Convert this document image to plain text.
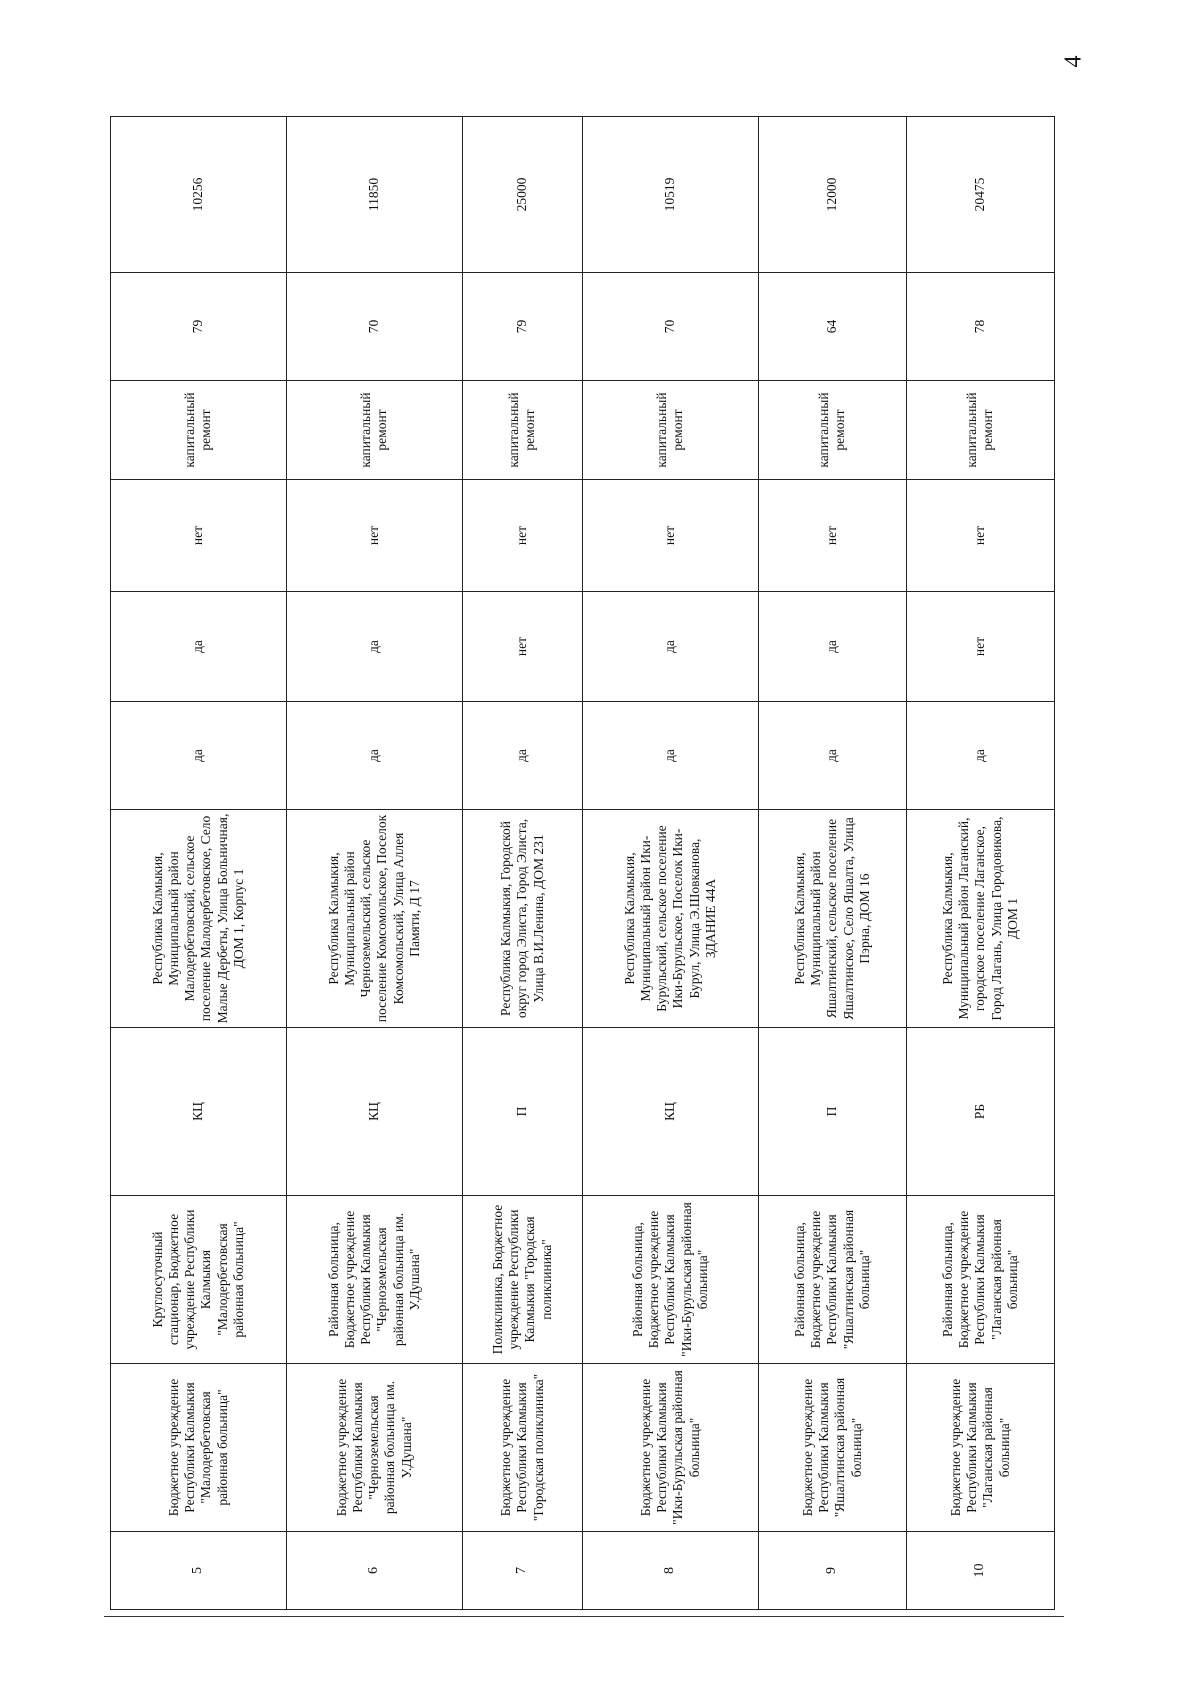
4
5	Бюджетное учреждение Республики Калмыкия "Малодербетовская районная больница"	Круглосуточный стационар, Бюджетное учреждение Республики Калмыкия "Малодербетовская районная больница"	КЦ	Республика Калмыкия, Муниципальный район Малодербетовский, сельское поселение Малодербетовское, Село Малые Дербеты, Улица Больничная, ДОМ 1, Корпус 1	да	да	нет	капитальный ремонт	79	10256
6	Бюджетное учреждение Республики Калмыкия "Черноземельская районная больница им. У.Душана"	Районная больница, Бюджетное учреждение Республики Калмыкия "Черноземельская районная больница им. У.Душана"	КЦ	Республика Калмыкия, Муниципальный район Черноземельский, сельское поселение Комсомольское, Поселок Комсомольский, Улица Аллея Памяти, Д 17	да	да	нет	капитальный ремонт	70	11850
7	Бюджетное учреждение Республики Калмыкия "Городская поликлиника"	Поликлиника, Бюджетное учреждение Республики Калмыкия "Городская поликлиника"	П	Республика Калмыкия, Городской округ город Элиста, Город Элиста, Улица В.И.Ленина, ДОМ 231	да	нет	нет	капитальный ремонт	79	25000
8	Бюджетное учреждение Республики Калмыкия "Ики-Бурульская районная больница"	Районная больница, Бюджетное учреждение Республики Калмыкия "Ики-Бурульская районная больница"	КЦ	Республика Калмыкия, Муниципальный район Ики-Бурульский, сельское поселение Ики-Бурульское, Поселок Ики-Бурул, Улица Э.Шовканова, ЗДАНИЕ 44А	да	да	нет	капитальный ремонт	70	10519
9	Бюджетное учреждение Республики Калмыкия "Яшалтинская районная больница"	Районная больница, Бюджетное учреждение Республики Калмыкия "Яшалтинская районная больница"	П	Республика Калмыкия, Муниципальный район Яшалтинский, сельское поселение Яшалтинское, Село Яшалта, Улица Пэрна, ДОМ 16	да	да	нет	капитальный ремонт	64	12000
10	Бюджетное учреждение Республики Калмыкия "Лаганская районная больница"	Районная больница, Бюджетное учреждение Республики Калмыкия "Лаганская районная больница"	РБ	Республика Калмыкия, Муниципальный район Лаганский, городское поселение Лаганское, Город Лагань, Улица Городовикова, ДОМ 1	да	нет	нет	капитальный ремонт	78	20475
